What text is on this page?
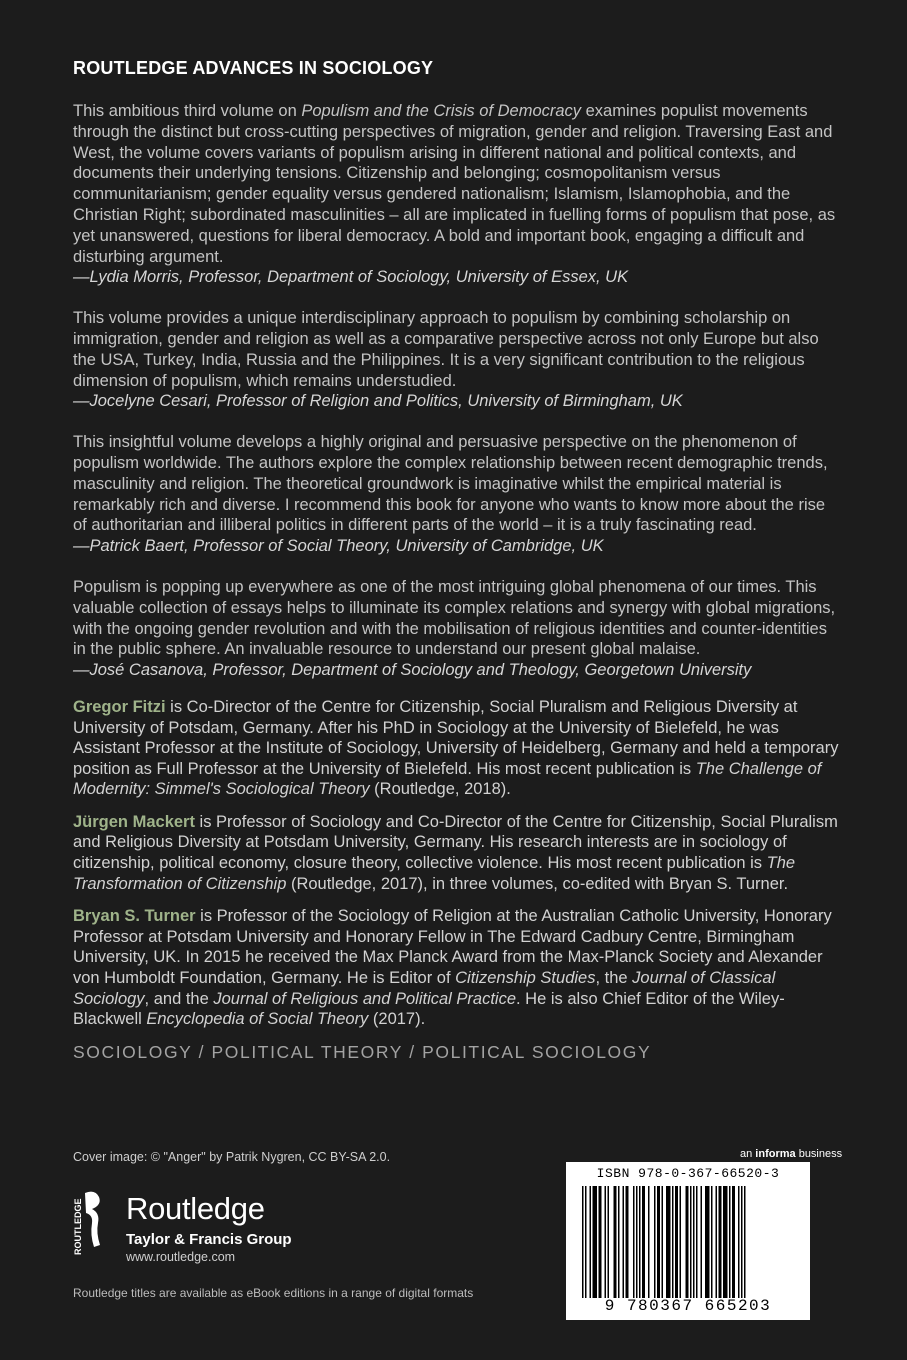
ROUTLEDGE ADVANCES IN SOCIOLOGY
This ambitious third volume on Populism and the Crisis of Democracy examines populist movements through the distinct but cross-cutting perspectives of migration, gender and religion. Traversing East and West, the volume covers variants of populism arising in different national and political contexts, and documents their underlying tensions. Citizenship and belonging; cosmopolitanism versus communitarianism; gender equality versus gendered nationalism; Islamism, Islamophobia, and the Christian Right; subordinated masculinities – all are implicated in fuelling forms of populism that pose, as yet unanswered, questions for liberal democracy. A bold and important book, engaging a difficult and disturbing argument.
—Lydia Morris, Professor, Department of Sociology, University of Essex, UK
This volume provides a unique interdisciplinary approach to populism by combining scholarship on immigration, gender and religion as well as a comparative perspective across not only Europe but also the USA, Turkey, India, Russia and the Philippines. It is a very significant contribution to the religious dimension of populism, which remains understudied.
—Jocelyne Cesari, Professor of Religion and Politics, University of Birmingham, UK
This insightful volume develops a highly original and persuasive perspective on the phenomenon of populism worldwide. The authors explore the complex relationship between recent demographic trends, masculinity and religion. The theoretical groundwork is imaginative whilst the empirical material is remarkably rich and diverse. I recommend this book for anyone who wants to know more about the rise of authoritarian and illiberal politics in different parts of the world – it is a truly fascinating read.
—Patrick Baert, Professor of Social Theory, University of Cambridge, UK
Populism is popping up everywhere as one of the most intriguing global phenomena of our times. This valuable collection of essays helps to illuminate its complex relations and synergy with global migrations, with the ongoing gender revolution and with the mobilisation of religious identities and counter-identities in the public sphere. An invaluable resource to understand our present global malaise.
—José Casanova, Professor, Department of Sociology and Theology, Georgetown University
Gregor Fitzi is Co-Director of the Centre for Citizenship, Social Pluralism and Religious Diversity at University of Potsdam, Germany. After his PhD in Sociology at the University of Bielefeld, he was Assistant Professor at the Institute of Sociology, University of Heidelberg, Germany and held a temporary position as Full Professor at the University of Bielefeld. His most recent publication is The Challenge of Modernity: Simmel's Sociological Theory (Routledge, 2018).
Jürgen Mackert is Professor of Sociology and Co-Director of the Centre for Citizenship, Social Pluralism and Religious Diversity at Potsdam University, Germany. His research interests are in sociology of citizenship, political economy, closure theory, collective violence. His most recent publication is The Transformation of Citizenship (Routledge, 2017), in three volumes, co-edited with Bryan S. Turner.
Bryan S. Turner is Professor of the Sociology of Religion at the Australian Catholic University, Honorary Professor at Potsdam University and Honorary Fellow in The Edward Cadbury Centre, Birmingham University, UK. In 2015 he received the Max Planck Award from the Max-Planck Society and Alexander von Humboldt Foundation, Germany. He is Editor of Citizenship Studies, the Journal of Classical Sociology, and the Journal of Religious and Political Practice. He is also Chief Editor of the Wiley-Blackwell Encyclopedia of Social Theory (2017).
SOCIOLOGY / POLITICAL THEORY / POLITICAL SOCIOLOGY
Cover image: © "Anger" by Patrik Nygren, CC BY-SA 2.0.
ROUTLEDGE Routledge
Taylor & Francis Group
www.routledge.com
Routledge titles are available as eBook editions in a range of digital formats
an informa business
ISBN 978-0-367-66520-3
9 780367 665203
